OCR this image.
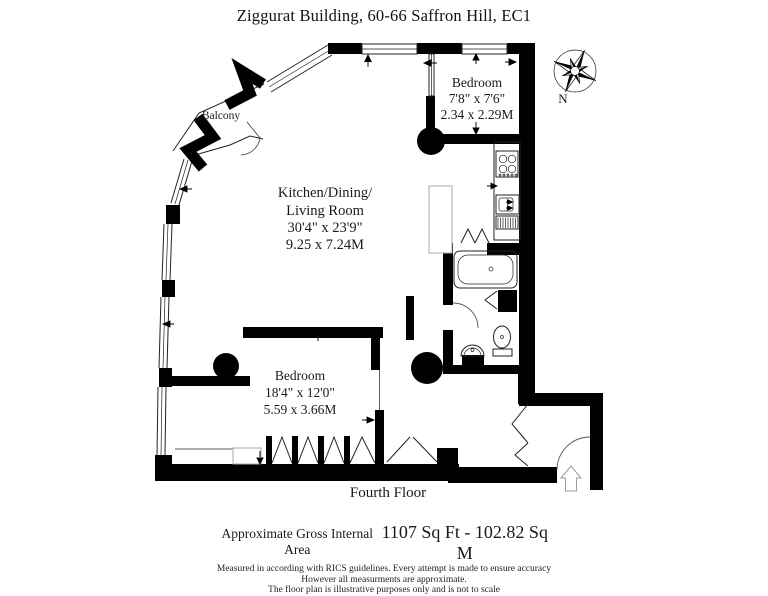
Ziggurat Building, 60-66 Saffron Hill, EC1
N
Balcony
Bedroom
7'8" x 7'6"
2.34 x 2.29M
Kitchen/Dining/
Living Room
30'4" x 23'9"
9.25 x 7.24M
Bedroom
18'4" x 12'0"
5.59 x 3.66M
Fourth Floor
Approximate Gross Internal Area
1107 Sq Ft - 102.82 Sq M
Measured in according with RICS guidelines. Every attempt is made to ensure accuracy
However all measurments are approximate.
The floor plan is illustrative purposes only and is not to scale
